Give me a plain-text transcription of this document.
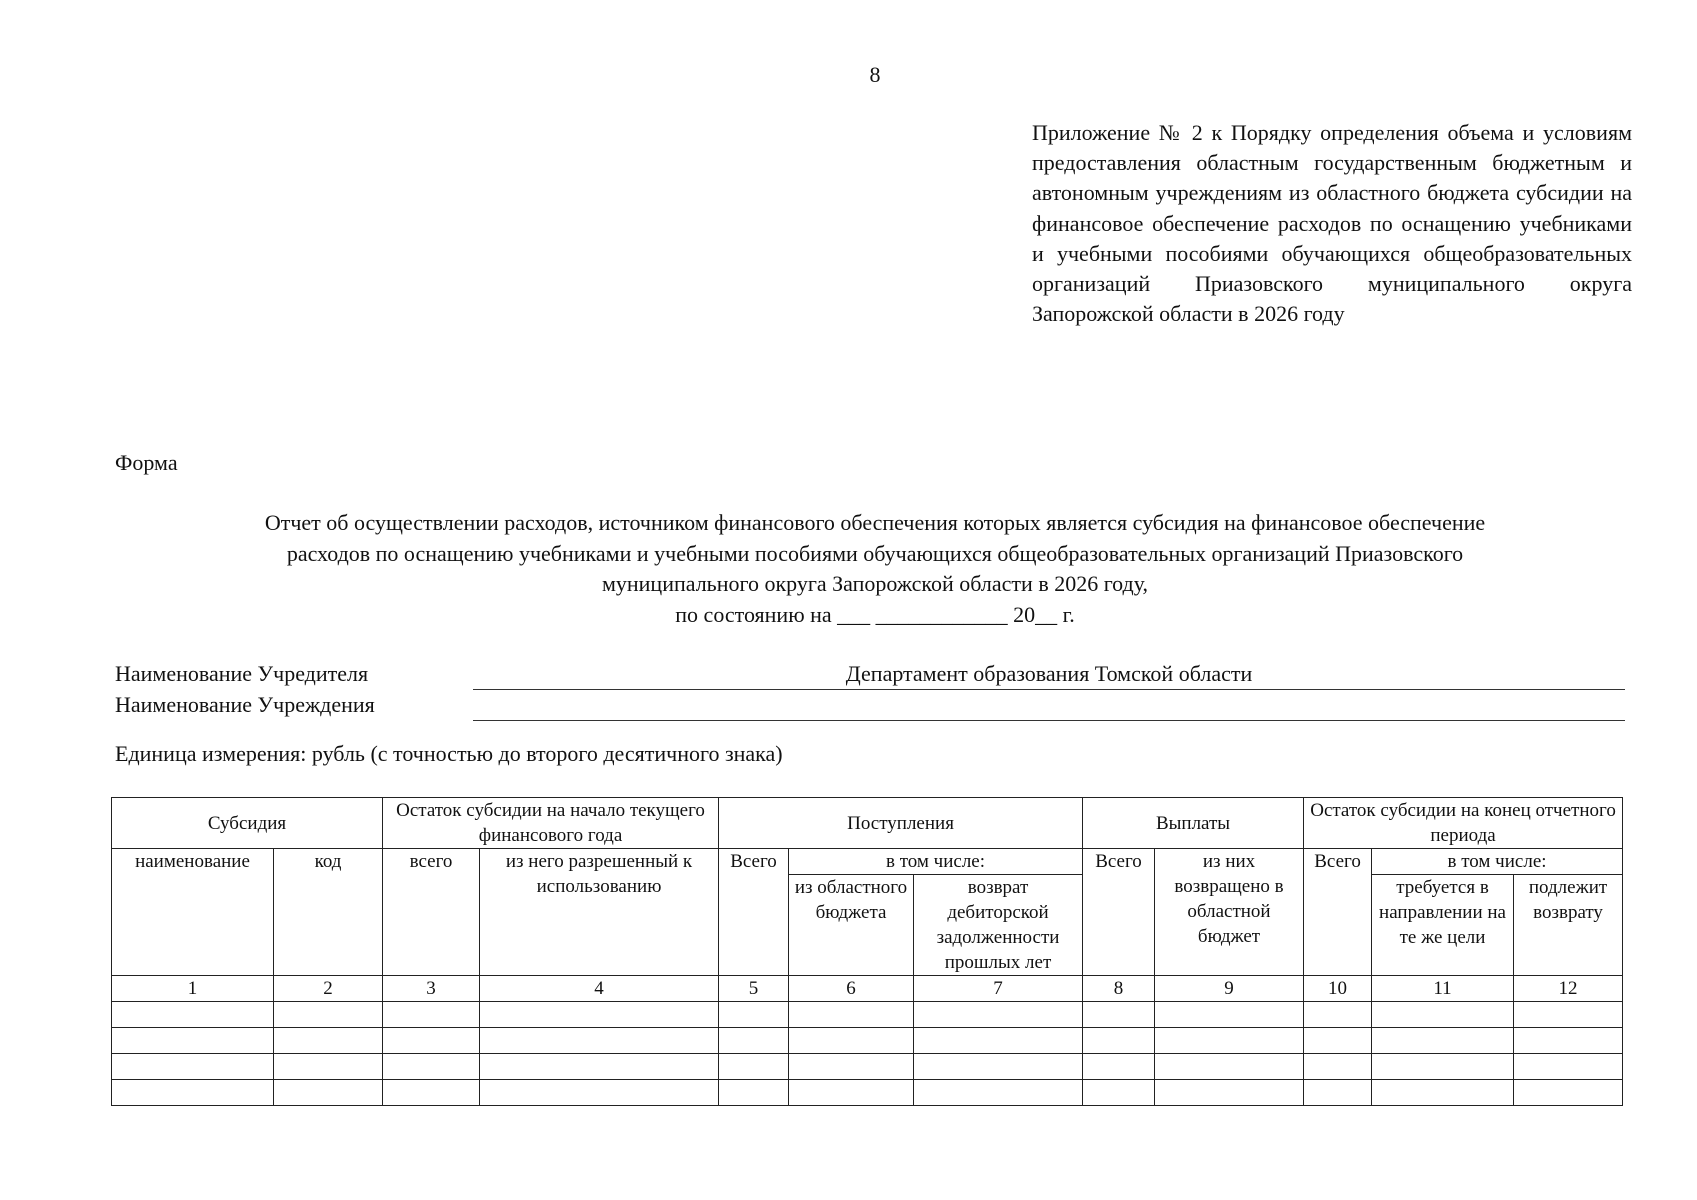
8
Приложение № 2 к Порядку определения объема и условиям предоставления областным государственным бюджетным и автономным учреждениям из областного бюджета субсидии на финансовое обеспечение расходов по оснащению учебниками и учебными пособиями обучающихся общеобразовательных организаций Приазовского муниципального округа Запорожской области в 2026 году
Форма
Отчет об осуществлении расходов, источником финансового обеспечения которых является субсидия на финансовое обеспечение
расходов по оснащению учебниками и учебными пособиями обучающихся общеобразовательных организаций Приазовского
муниципального округа Запорожской области в 2026 году,
по состоянию на ___ ____________ 20__ г.
Наименование Учредителя	Департамент образования Томской области
Наименование Учреждения
Единица измерения: рубль (с точностью до второго десятичного знака)
Субсидия		Остаток субсидии на начало текущего финансового года		Поступления			Выплаты		Остаток субсидии на конец отчетного периода		
наименование	код	всего	из него разрешенный к использованию	Всего	в том числе:		Всего	из них возвращено в областной бюджет	Всего	в том числе:	
					из областного бюджета	возврат дебиторской задолженности прошлых лет				требуется в направлении на те же цели	подлежит возврату
1	2	3	4	5	6	7	8	9	10	11	12
